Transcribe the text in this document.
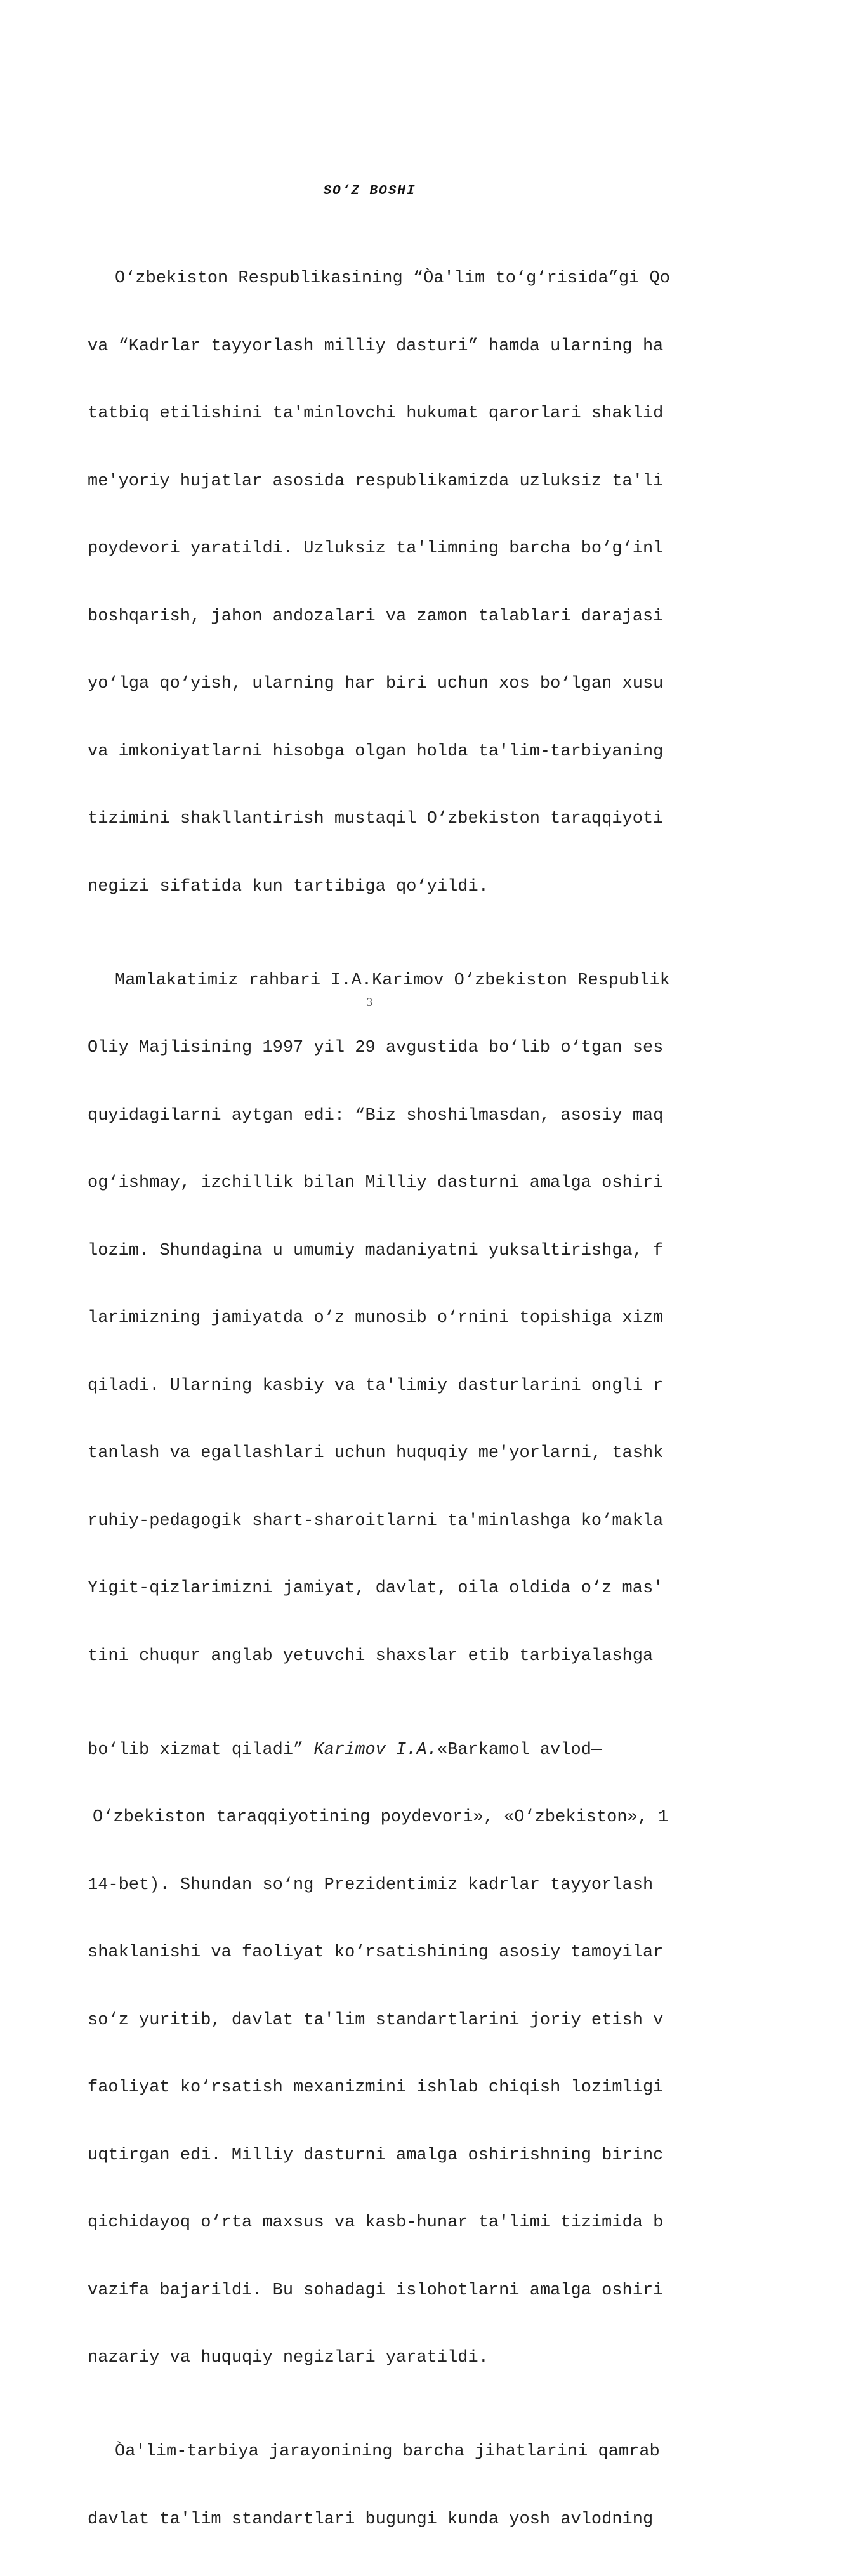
SO‘Z BOSHI

O‘zbekiston Respublikasining “Òa'lim to‘g‘risida”gi Qo

va “Kadrlar tayyorlash milliy dasturi” hamda ularning ha

tatbiq etilishini ta'minlovchi hukumat qarorlari shaklid

me'yoriy hujatlar asosida respublikamizda uzluksiz ta'li

poydevori yaratildi. Uzluksiz ta'limning barcha bo‘g‘inl

boshqarish, jahon andozalari va zamon talablari darajasi

yo‘lga qo‘yish, ularning har biri uchun xos bo‘lgan xusu

va imkoniyatlarni hisobga olgan holda ta'lim-tarbiyaning

tizimini shakllantirish mustaqil O‘zbekiston taraqqiyoti

negizi sifatida kun tartibiga qo‘yildi.

Mamlakatimiz rahbari I.A.Karimov O‘zbekiston Respublik

Oliy Majlisining 1997 yil 29 avgustida bo‘lib o‘tgan ses

quyidagilarni aytgan edi: “Biz shoshilmasdan, asosiy maq

og‘ishmay, izchillik bilan Milliy dasturni amalga oshiri

lozim. Shundagina u umumiy madaniyatni yuksaltirishga, f

larimizning jamiyatda o‘z munosib o‘rnini topishiga xizm

qiladi. Ularning kasbiy va ta'limiy dasturlarini ongli r

tanlash va egallashlari uchun huquqiy me'yorlarni, tashk

ruhiy-pedagogik shart-sharoitlarni ta'minlashga ko‘makla

Yigit-qizlarimizni jamiyat, davlat, oila oldida o‘z mas'

tini chuqur anglab yetuvchi shaxslar etib tarbiyalashga

bo‘lib xizmat qiladi” Karimov I.A.«Barkamol avlod—

O‘zbekiston taraqqiyotining poydevori», «O‘zbekiston», 1

14-bet). Shundan so‘ng Prezidentimiz kadrlar tayyorlash

shaklanishi va faoliyat ko‘rsatishining asosiy tamoyilar

so‘z yuritib, davlat ta'lim standartlarini joriy etish v

faoliyat ko‘rsatish mexanizmini ishlab chiqish lozimligi

uqtirgan edi. Milliy dasturni amalga oshirishning birinc

qichidayoq o‘rta maxsus va kasb-hunar ta'limi tizimida b

vazifa bajarildi. Bu sohadagi islohotlarni amalga oshiri

nazariy va huquqiy negizlari yaratildi.

Òa'lim-tarbiya jarayonining barcha jihatlarini qamrab

davlat ta'lim standartlari bugungi kunda yosh avlodning

3
